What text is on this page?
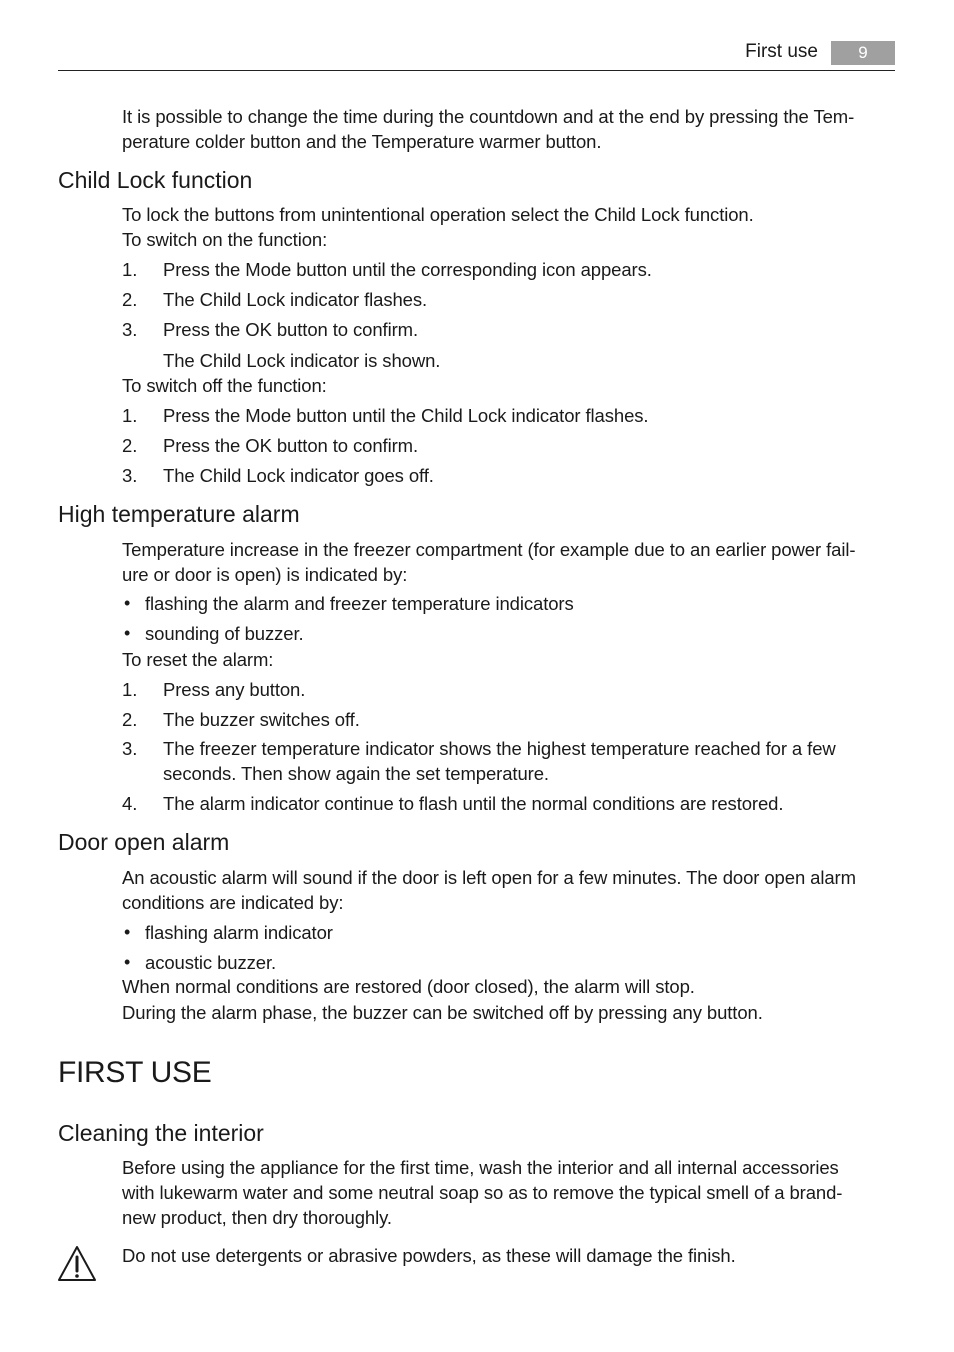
First use	9
It is possible to change the time during the countdown and at the end by pressing the Tem-
perature colder button and the Temperature warmer button.
Child Lock function
To lock the buttons from unintentional operation select the Child Lock function.
To switch on the function:
1.	Press the Mode button until the corresponding icon appears.
2.	The Child Lock indicator flashes.
3.	Press the OK button to confirm.
The Child Lock indicator is shown.
To switch off the function:
1.	Press the Mode button until the Child Lock indicator flashes.
2.	Press the OK button to confirm.
3.	The Child Lock indicator goes off.
High temperature alarm
Temperature increase in the freezer compartment (for example due to an earlier power fail-
ure or door is open) is indicated by:
• flashing the alarm and freezer temperature indicators
• sounding of buzzer.
To reset the alarm:
1.	Press any button.
2.	The buzzer switches off.
3.	The freezer temperature indicator shows the highest temperature reached for a few
seconds. Then show again the set temperature.
4.	The alarm indicator continue to flash until the normal conditions are restored.
Door open alarm
An acoustic alarm will sound if the door is left open for a few minutes. The door open alarm
conditions are indicated by:
• flashing alarm indicator
• acoustic buzzer.
When normal conditions are restored (door closed), the alarm will stop.
During the alarm phase, the buzzer can be switched off by pressing any button.
FIRST USE
Cleaning the interior
Before using the appliance for the first time, wash the interior and all internal accessories
with lukewarm water and some neutral soap so as to remove the typical smell of a brand-
new product, then dry thoroughly.
Do not use detergents or abrasive powders, as these will damage the finish.
